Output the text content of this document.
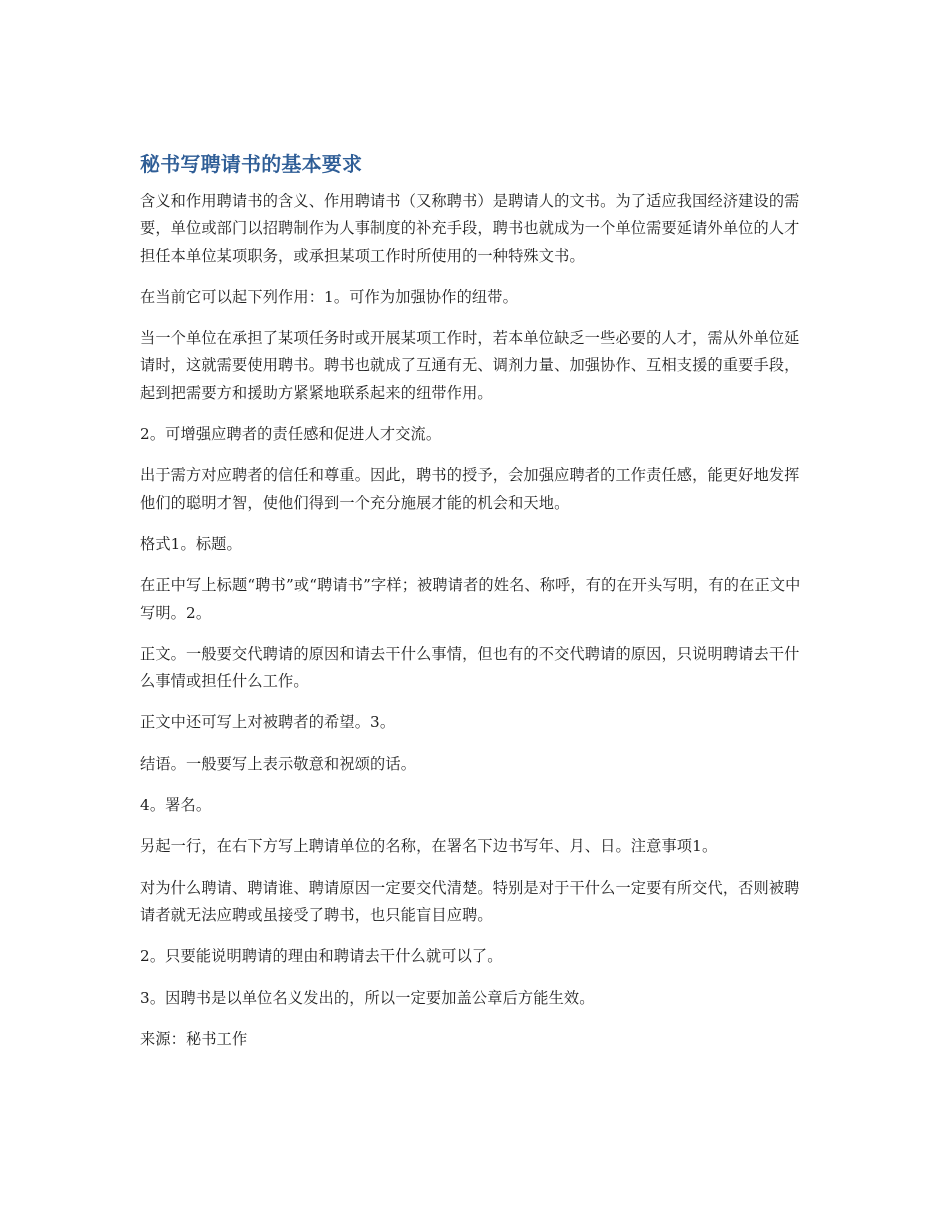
秘书写聘请书的基本要求

含义和作用聘请书的含义、作用聘请书（又称聘书）是聘请人的文书。为了适应我国经济建设的需要，单位或部门以招聘制作为人事制度的补充手段，聘书也就成为一个单位需要延请外单位的人才担任本单位某项职务，或承担某项工作时所使用的一种特殊文书。

在当前它可以起下列作用：1。可作为加强协作的纽带。

当一个单位在承担了某项任务时或开展某项工作时，若本单位缺乏一些必要的人才，需从外单位延请时，这就需要使用聘书。聘书也就成了互通有无、调剂力量、加强协作、互相支援的重要手段，起到把需要方和援助方紧紧地联系起来的纽带作用。

2。可增强应聘者的责任感和促进人才交流。

出于需方对应聘者的信任和尊重。因此，聘书的授予，会加强应聘者的工作责任感，能更好地发挥他们的聪明才智，使他们得到一个充分施展才能的机会和天地。

格式1。标题。

在正中写上标题“聘书”或“聘请书”字样；被聘请者的姓名、称呼，有的在开头写明，有的在正文中写明。2。

正文。一般要交代聘请的原因和请去干什么事情，但也有的不交代聘请的原因，只说明聘请去干什么事情或担任什么工作。

正文中还可写上对被聘者的希望。3。

结语。一般要写上表示敬意和祝颂的话。

4。署名。

另起一行，在右下方写上聘请单位的名称，在署名下边书写年、月、日。注意事项1。

对为什么聘请、聘请谁、聘请原因一定要交代清楚。特别是对于干什么一定要有所交代，否则被聘请者就无法应聘或虽接受了聘书，也只能盲目应聘。

2。只要能说明聘请的理由和聘请去干什么就可以了。

3。因聘书是以单位名义发出的，所以一定要加盖公章后方能生效。

来源：秘书工作
